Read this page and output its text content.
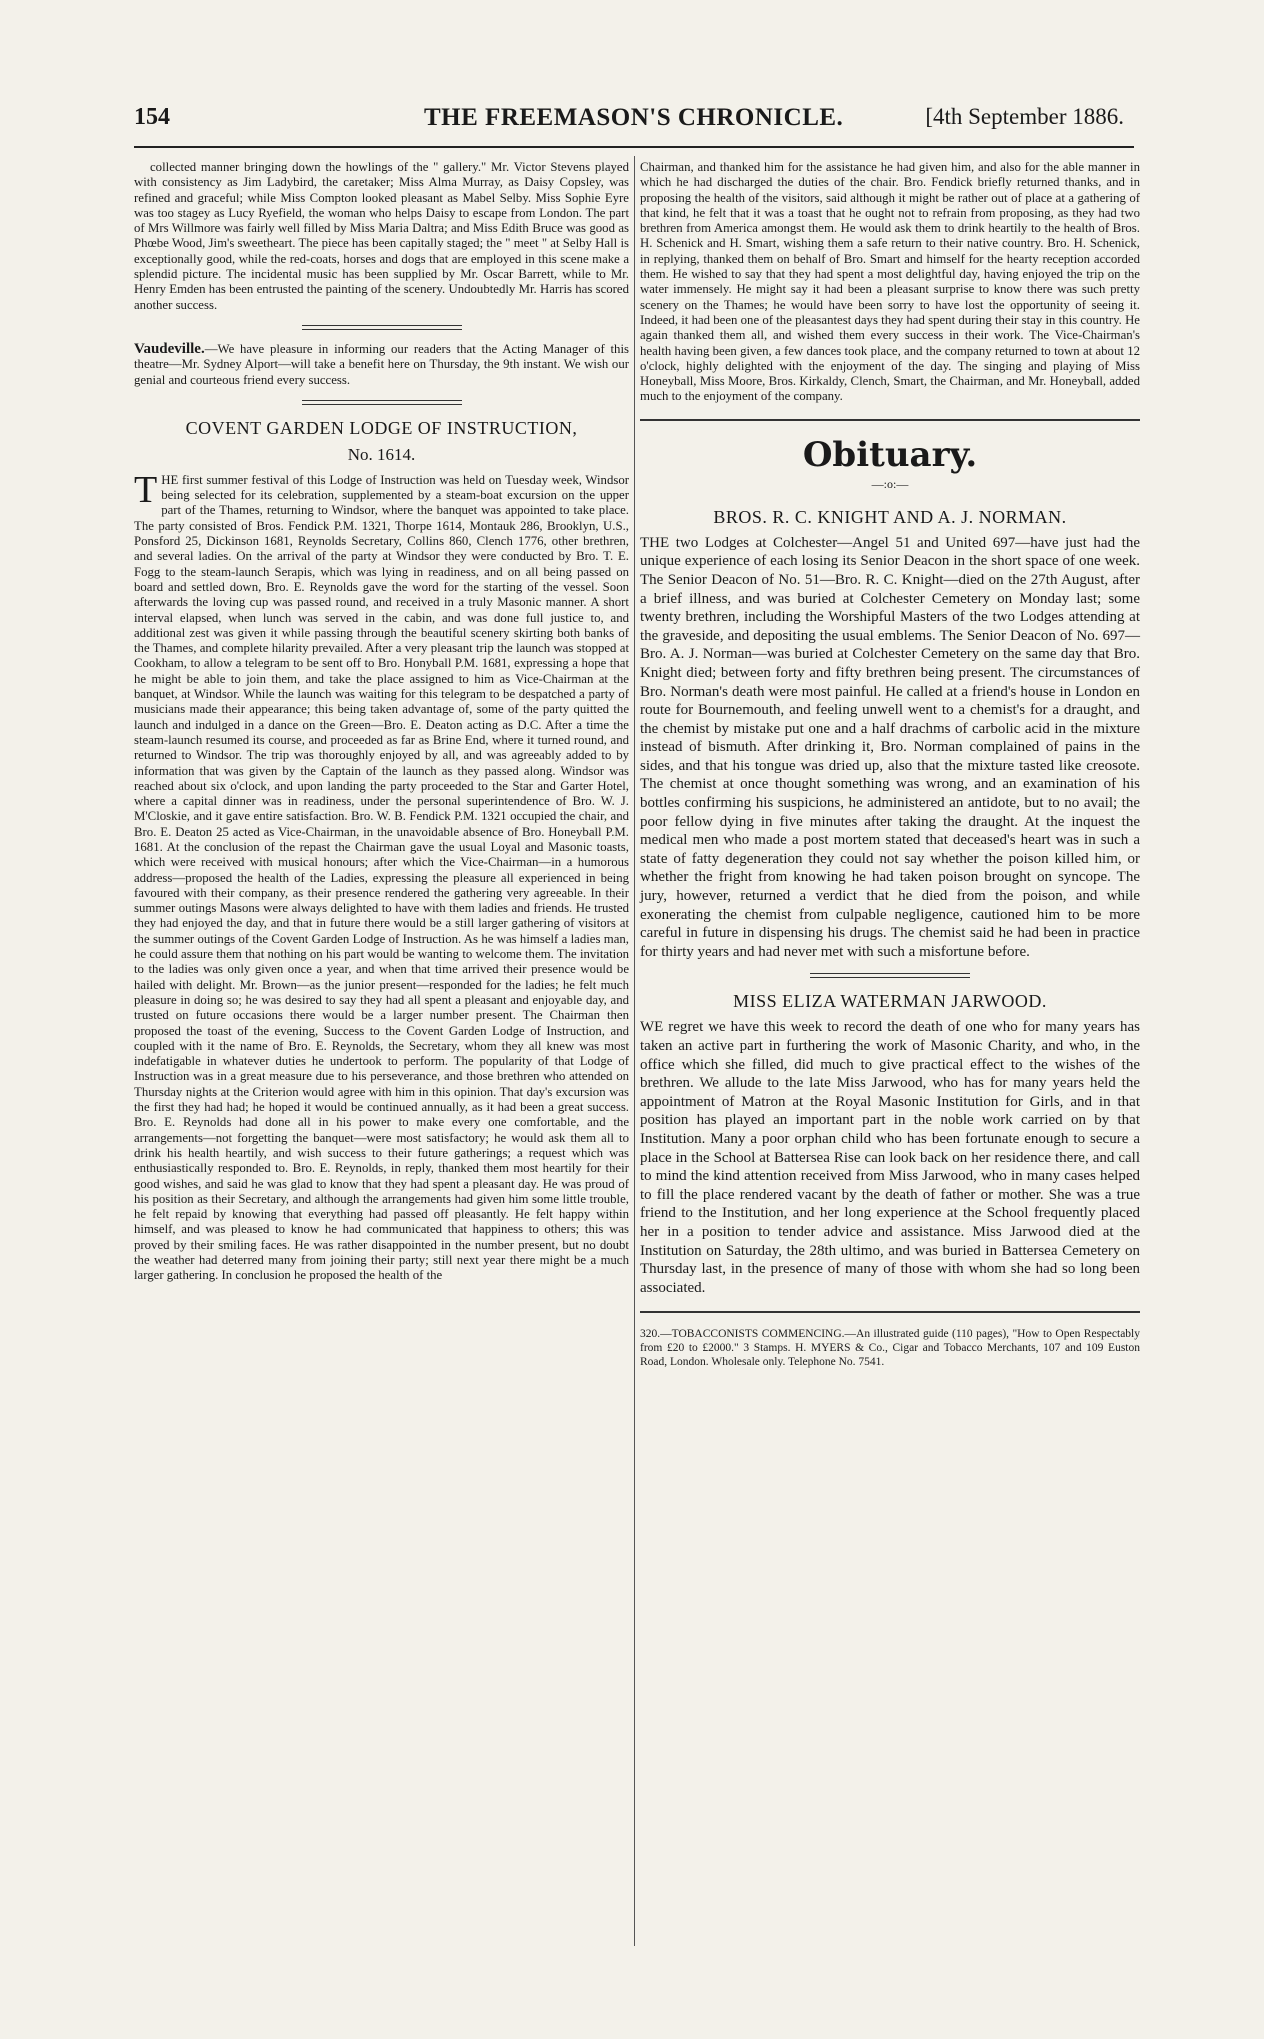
154	THE FREEMASON'S CHRONICLE.	[4th September 1886.

collected manner bringing down the howlings of the " gallery." Mr. Victor Stevens played with consistency as Jim Ladybird, the caretaker; Miss Alma Murray, as Daisy Copsley, was refined and graceful; while Miss Compton looked pleasant as Mabel Selby. Miss Sophie Eyre was too stagey as Lucy Ryefield, the woman who helps Daisy to escape from London. The part of Mrs Willmore was fairly well filled by Miss Maria Daltra; and Miss Edith Bruce was good as Phœbe Wood, Jim's sweetheart. The piece has been capitally staged; the " meet " at Selby Hall is exceptionally good, while the red-coats, horses and dogs that are employed in this scene make a splendid picture. The incidental music has been supplied by Mr. Oscar Barrett, while to Mr. Henry Emden has been entrusted the painting of the scenery. Undoubtedly Mr. Harris has scored another success.

Vaudeville.—We have pleasure in informing our readers that the Acting Manager of this theatre—Mr. Sydney Alport—will take a benefit here on Thursday, the 9th instant. We wish our genial and courteous friend every success.

COVENT GARDEN LODGE OF INSTRUCTION,
No. 1614.

THE first summer festival of this Lodge of Instruction was held on Tuesday week, Windsor being selected for its celebration, supplemented by a steam-boat excursion on the upper part of the Thames, returning to Windsor, where the banquet was appointed to take place. The party consisted of Bros. Fendick P.M. 1321, Thorpe 1614, Montauk 286, Brooklyn, U.S., Ponsford 25, Dickinson 1681, Reynolds Secretary, Collins 860, Clench 1776, other brethren, and several ladies. On the arrival of the party at Windsor they were conducted by Bro. T. E. Fogg to the steam-launch Serapis, which was lying in readiness, and on all being passed on board and settled down, Bro. E. Reynolds gave the word for the starting of the vessel. Soon afterwards the loving cup was passed round, and received in a truly Masonic manner. A short interval elapsed, when lunch was served in the cabin, and was done full justice to, and additional zest was given it while passing through the beautiful scenery skirting both banks of the Thames, and complete hilarity prevailed. After a very pleasant trip the launch was stopped at Cookham, to allow a telegram to be sent off to Bro. Honyball P.M. 1681, expressing a hope that he might be able to join them, and take the place assigned to him as Vice-Chairman at the banquet, at Windsor. While the launch was waiting for this telegram to be despatched a party of musicians made their appearance; this being taken advantage of, some of the party quitted the launch and indulged in a dance on the Green—Bro. E. Deaton acting as D.C. After a time the steam-launch resumed its course, and proceeded as far as Brine End, where it turned round, and returned to Windsor. The trip was thoroughly enjoyed by all, and was agreeably added to by information that was given by the Captain of the launch as they passed along. Windsor was reached about six o'clock, and upon landing the party proceeded to the Star and Garter Hotel, where a capital dinner was in readiness, under the personal superintendence of Bro. W. J. M'Closkie, and it gave entire satisfaction. Bro. W. B. Fendick P.M. 1321 occupied the chair, and Bro. E. Deaton 25 acted as Vice-Chairman, in the unavoidable absence of Bro. Honeyball P.M. 1681. At the conclusion of the repast the Chairman gave the usual Loyal and Masonic toasts, which were received with musical honours; after which the Vice-Chairman—in a humorous address—proposed the health of the Ladies, expressing the pleasure all experienced in being favoured with their company, as their presence rendered the gathering very agreeable. In their summer outings Masons were always delighted to have with them ladies and friends. He trusted they had enjoyed the day, and that in future there would be a still larger gathering of visitors at the summer outings of the Covent Garden Lodge of Instruction. As he was himself a ladies man, he could assure them that nothing on his part would be wanting to welcome them. The invitation to the ladies was only given once a year, and when that time arrived their presence would be hailed with delight. Mr. Brown—as the junior present—responded for the ladies; he felt much pleasure in doing so; he was desired to say they had all spent a pleasant and enjoyable day, and trusted on future occasions there would be a larger number present. The Chairman then proposed the toast of the evening, Success to the Covent Garden Lodge of Instruction, and coupled with it the name of Bro. E. Reynolds, the Secretary, whom they all knew was most indefatigable in whatever duties he undertook to perform. The popularity of that Lodge of Instruction was in a great measure due to his perseverance, and those brethren who attended on Thursday nights at the Criterion would agree with him in this opinion. That day's excursion was the first they had had; he hoped it would be continued annually, as it had been a great success. Bro. E. Reynolds had done all in his power to make every one comfortable, and the arrangements—not forgetting the banquet—were most satisfactory; he would ask them all to drink his health heartily, and wish success to their future gatherings; a request which was enthusiastically responded to. Bro. E. Reynolds, in reply, thanked them most heartily for their good wishes, and said he was glad to know that they had spent a pleasant day. He was proud of his position as their Secretary, and although the arrangements had given him some little trouble, he felt repaid by knowing that everything had passed off pleasantly. He felt happy within himself, and was pleased to know he had communicated that happiness to others; this was proved by their smiling faces. He was rather disappointed in the number present, but no doubt the weather had deterred many from joining their party; still next year there might be a much larger gathering. In conclusion he proposed the health of the

Chairman, and thanked him for the assistance he had given him, and also for the able manner in which he had discharged the duties of the chair. Bro. Fendick briefly returned thanks, and in proposing the health of the visitors, said although it might be rather out of place at a gathering of that kind, he felt that it was a toast that he ought not to refrain from proposing, as they had two brethren from America amongst them. He would ask them to drink heartily to the health of Bros. H. Schenick and H. Smart, wishing them a safe return to their native country. Bro. H. Schenick, in replying, thanked them on behalf of Bro. Smart and himself for the hearty reception accorded them. He wished to say that they had spent a most delightful day, having enjoyed the trip on the water immensely. He might say it had been a pleasant surprise to know there was such pretty scenery on the Thames; he would have been sorry to have lost the opportunity of seeing it. Indeed, it had been one of the pleasantest days they had spent during their stay in this country. He again thanked them all, and wished them every success in their work. The Vice-Chairman's health having been given, a few dances took place, and the company returned to town at about 12 o'clock, highly delighted with the enjoyment of the day. The singing and playing of Miss Honeyball, Miss Moore, Bros. Kirkaldy, Clench, Smart, the Chairman, and Mr. Honeyball, added much to the enjoyment of the company.

Obituary.
—:o:—
BROS. R. C. KNIGHT AND A. J. NORMAN.

THE two Lodges at Colchester—Angel 51 and United 697—have just had the unique experience of each losing its Senior Deacon in the short space of one week. The Senior Deacon of No. 51—Bro. R. C. Knight—died on the 27th August, after a brief illness, and was buried at Colchester Cemetery on Monday last; some twenty brethren, including the Worshipful Masters of the two Lodges attending at the graveside, and depositing the usual emblems. The Senior Deacon of No. 697—Bro. A. J. Norman—was buried at Colchester Cemetery on the same day that Bro. Knight died; between forty and fifty brethren being present. The circumstances of Bro. Norman's death were most painful. He called at a friend's house in London en route for Bournemouth, and feeling unwell went to a chemist's for a draught, and the chemist by mistake put one and a half drachms of carbolic acid in the mixture instead of bismuth. After drinking it, Bro. Norman complained of pains in the sides, and that his tongue was dried up, also that the mixture tasted like creosote. The chemist at once thought something was wrong, and an examination of his bottles confirming his suspicions, he administered an antidote, but to no avail; the poor fellow dying in five minutes after taking the draught. At the inquest the medical men who made a post mortem stated that deceased's heart was in such a state of fatty degeneration they could not say whether the poison killed him, or whether the fright from knowing he had taken poison brought on syncope. The jury, however, returned a verdict that he died from the poison, and while exonerating the chemist from culpable negligence, cautioned him to be more careful in future in dispensing his drugs. The chemist said he had been in practice for thirty years and had never met with such a misfortune before.

MISS ELIZA WATERMAN JARWOOD.

WE regret we have this week to record the death of one who for many years has taken an active part in furthering the work of Masonic Charity, and who, in the office which she filled, did much to give practical effect to the wishes of the brethren. We allude to the late Miss Jarwood, who has for many years held the appointment of Matron at the Royal Masonic Institution for Girls, and in that position has played an important part in the noble work carried on by that Institution. Many a poor orphan child who has been fortunate enough to secure a place in the School at Battersea Rise can look back on her residence there, and call to mind the kind attention received from Miss Jarwood, who in many cases helped to fill the place rendered vacant by the death of father or mother. She was a true friend to the Institution, and her long experience at the School frequently placed her in a position to tender advice and assistance. Miss Jarwood died at the Institution on Saturday, the 28th ultimo, and was buried in Battersea Cemetery on Thursday last, in the presence of many of those with whom she had so long been associated.

320.—TOBACCONISTS COMMENCING.—An illustrated guide (110 pages), "How to Open Respectably from £20 to £2000." 3 Stamps. H. MYERS & Co., Cigar and Tobacco Merchants, 107 and 109 Euston Road, London. Wholesale only. Telephone No. 7541.
